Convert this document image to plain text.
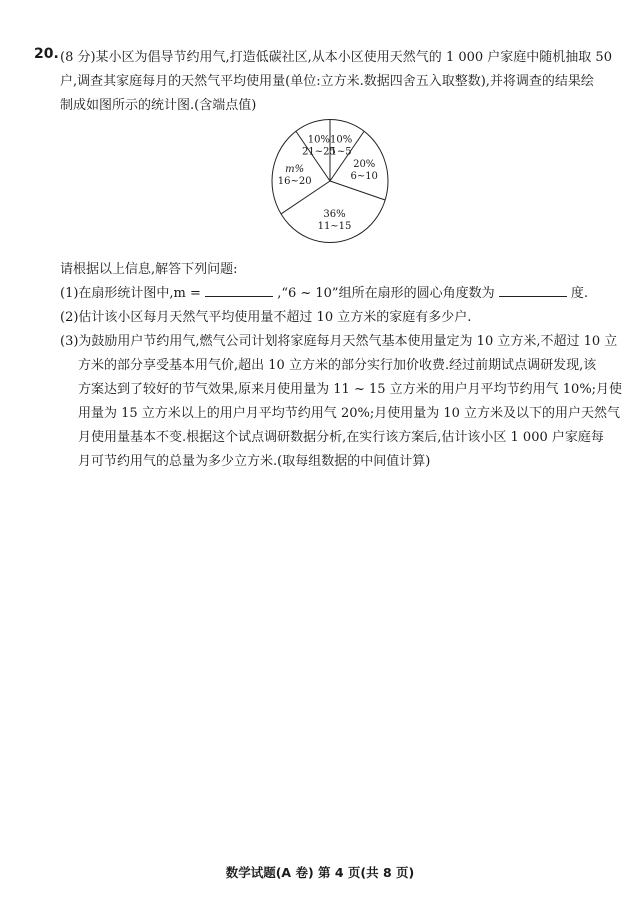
20. (8 分)某小区为倡导节约用气,打造低碳社区,从本小区使用天然气的 1 000 户家庭中随机抽取 50
户,调查其家庭每月的天然气平均使用量(单位:立方米.数据四舍五入取整数),并将调查的结果绘
制成如图所示的统计图.(含端点值)
10%
1~5
20%
6~10
36%
11~15
m%
16~20
10%
21~25
请根据以上信息,解答下列问题:
(1)在扇形统计图中,m =	,“6 ~ 10”组所在扇形的圆心角度数为	度.
(2)估计该小区每月天然气平均使用量不超过 10 立方米的家庭有多少户.
(3)为鼓励用户节约用气,燃气公司计划将家庭每月天然气基本使用量定为 10 立方米,不超过 10 立
方米的部分享受基本用气价,超出 10 立方米的部分实行加价收费.经过前期试点调研发现,该
方案达到了较好的节气效果,原来月使用量为 11 ~ 15 立方米的用户月平均节约用气 10%;月使
用量为 15 立方米以上的用户月平均节约用气 20%;月使用量为 10 立方米及以下的用户天然气
月使用量基本不变.根据这个试点调研数据分析,在实行该方案后,估计该小区 1 000 户家庭每
月可节约用气的总量为多少立方米.(取每组数据的中间值计算)
数学试题(A 卷) 第 4 页(共 8 页)
